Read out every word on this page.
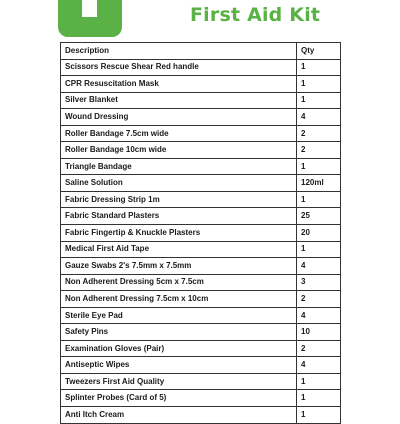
First Aid Kit
Description	Qty
Scissors Rescue Shear Red handle	1
CPR Resuscitation Mask	1
Silver Blanket	1
Wound Dressing	4
Roller Bandage 7.5cm wide	2
Roller Bandage 10cm wide	2
Triangle Bandage	1
Saline Solution	120ml
Fabric Dressing Strip 1m	1
Fabric Standard Plasters	25
Fabric Fingertip & Knuckle Plasters	20
Medical First Aid Tape	1
Gauze Swabs 2's 7.5mm x 7.5mm	4
Non Adherent Dressing 5cm x 7.5cm	3
Non Adherent Dressing 7.5cm x 10cm	2
Sterile Eye Pad	4
Safety Pins	10
Examination Gloves (Pair)	2
Antiseptic Wipes	4
Tweezers First Aid Quality	1
Splinter Probes (Card of 5)	1
Anti Itch Cream	1
